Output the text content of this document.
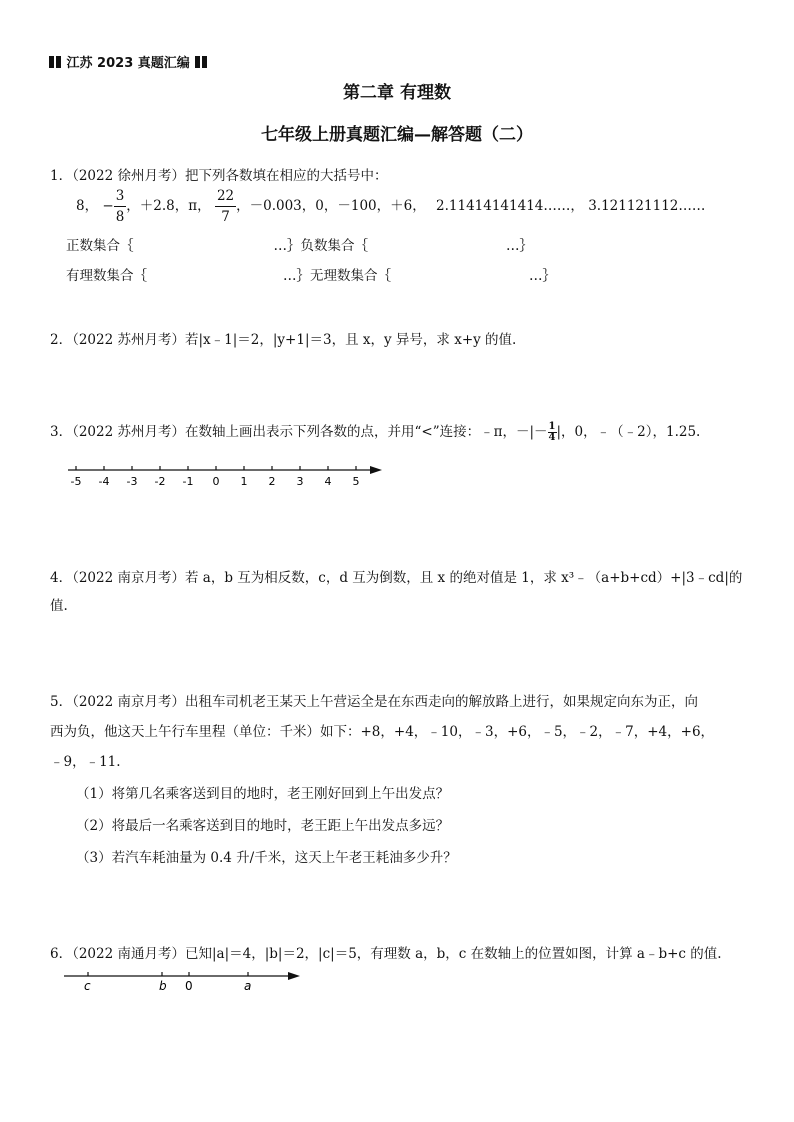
江苏 2023 真题汇编
第二章 有理数
七年级上册真题汇编—解答题（二）
1．（2022 徐州月考）把下列各数填在相应的大括号中：
8， − $\frac{3}{8}$ ，＋2.8，π， $\frac{22}{7}$ ，－0.003，0，－100，＋6， 2.11414141414……， 3.121121112……
正数集合｛	…｝负数集合｛	…｝
有理数集合｛	…｝无理数集合｛	…｝
2．（2022 苏州月考）若|x﹣1|＝2，|y+1|＝3，且 x，y 异号，求 x+y 的值.
3．（2022 苏州月考）在数轴上画出表示下列各数的点，并用“<”连接：﹣π，－|－ $\frac{1}{4}$ |，0，﹣（﹣2），1.25.
-5 -4 -3 -2 -1 0 1 2 3 4 5
4．（2022 南京月考）若 a，b 互为相反数，c，d 互为倒数，且 x 的绝对值是 1，求 x³﹣（a+b+cd）+|3﹣cd|的
值.
5．（2022 南京月考）出租车司机老王某天上午营运全是在东西走向的解放路上进行，如果规定向东为正，向
西为负，他这天上午行车里程（单位：千米）如下：+8，+4，﹣10，﹣3，+6，﹣5，﹣2，﹣7，+4，+6，
﹣9，﹣11.
（1）将第几名乘客送到目的地时，老王刚好回到上午出发点？
（2）将最后一名乘客送到目的地时，老王距上午出发点多远？
（3）若汽车耗油量为 0.4 升/千米，这天上午老王耗油多少升？
6．（2022 南通月考）已知|a|＝4，|b|＝2，|c|＝5，有理数 a，b，c 在数轴上的位置如图，计算 a﹣b+c 的值.
c	b 0	a
